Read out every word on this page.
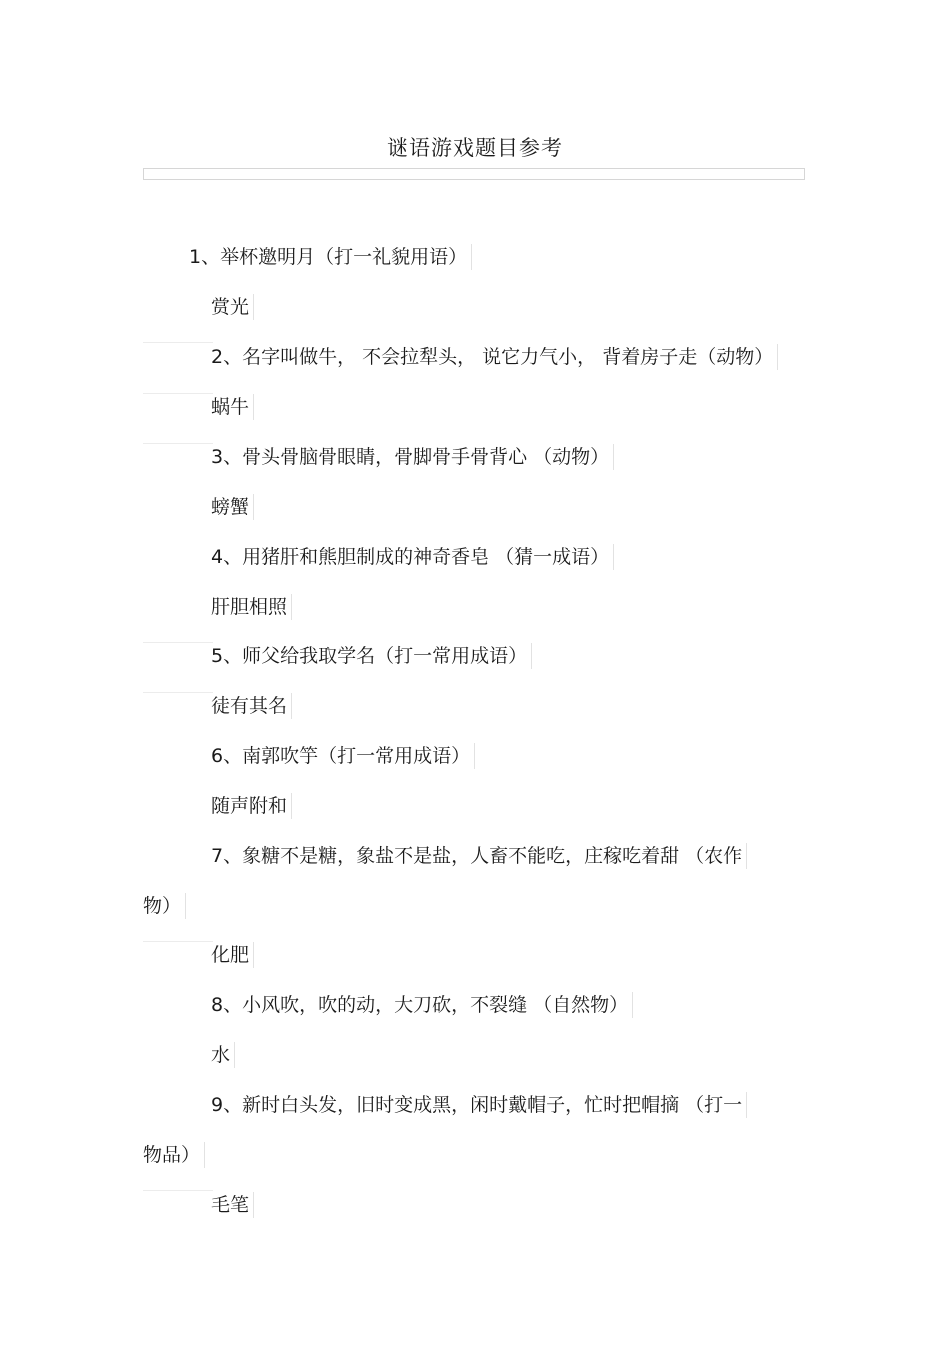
谜语游戏题目参考
1、举杯邀明月（打一礼貌用语）
赏光
2、名字叫做牛， 不会拉犁头， 说它力气小， 背着房子走（动物）
蜗牛
3、骨头骨脑骨眼睛，骨脚骨手骨背心 （动物）
螃蟹
4、用猪肝和熊胆制成的神奇香皂 （猜一成语）
肝胆相照
5、师父给我取学名（打一常用成语）
徒有其名
6、南郭吹竽（打一常用成语）
随声附和
7、象糖不是糖，象盐不是盐，人畜不能吃，庄稼吃着甜 （农作
物）
化肥
8、小风吹，吹的动，大刀砍，不裂缝 （自然物）
水
9、新时白头发，旧时变成黑，闲时戴帽子，忙时把帽摘 （打一
物品）
毛笔
